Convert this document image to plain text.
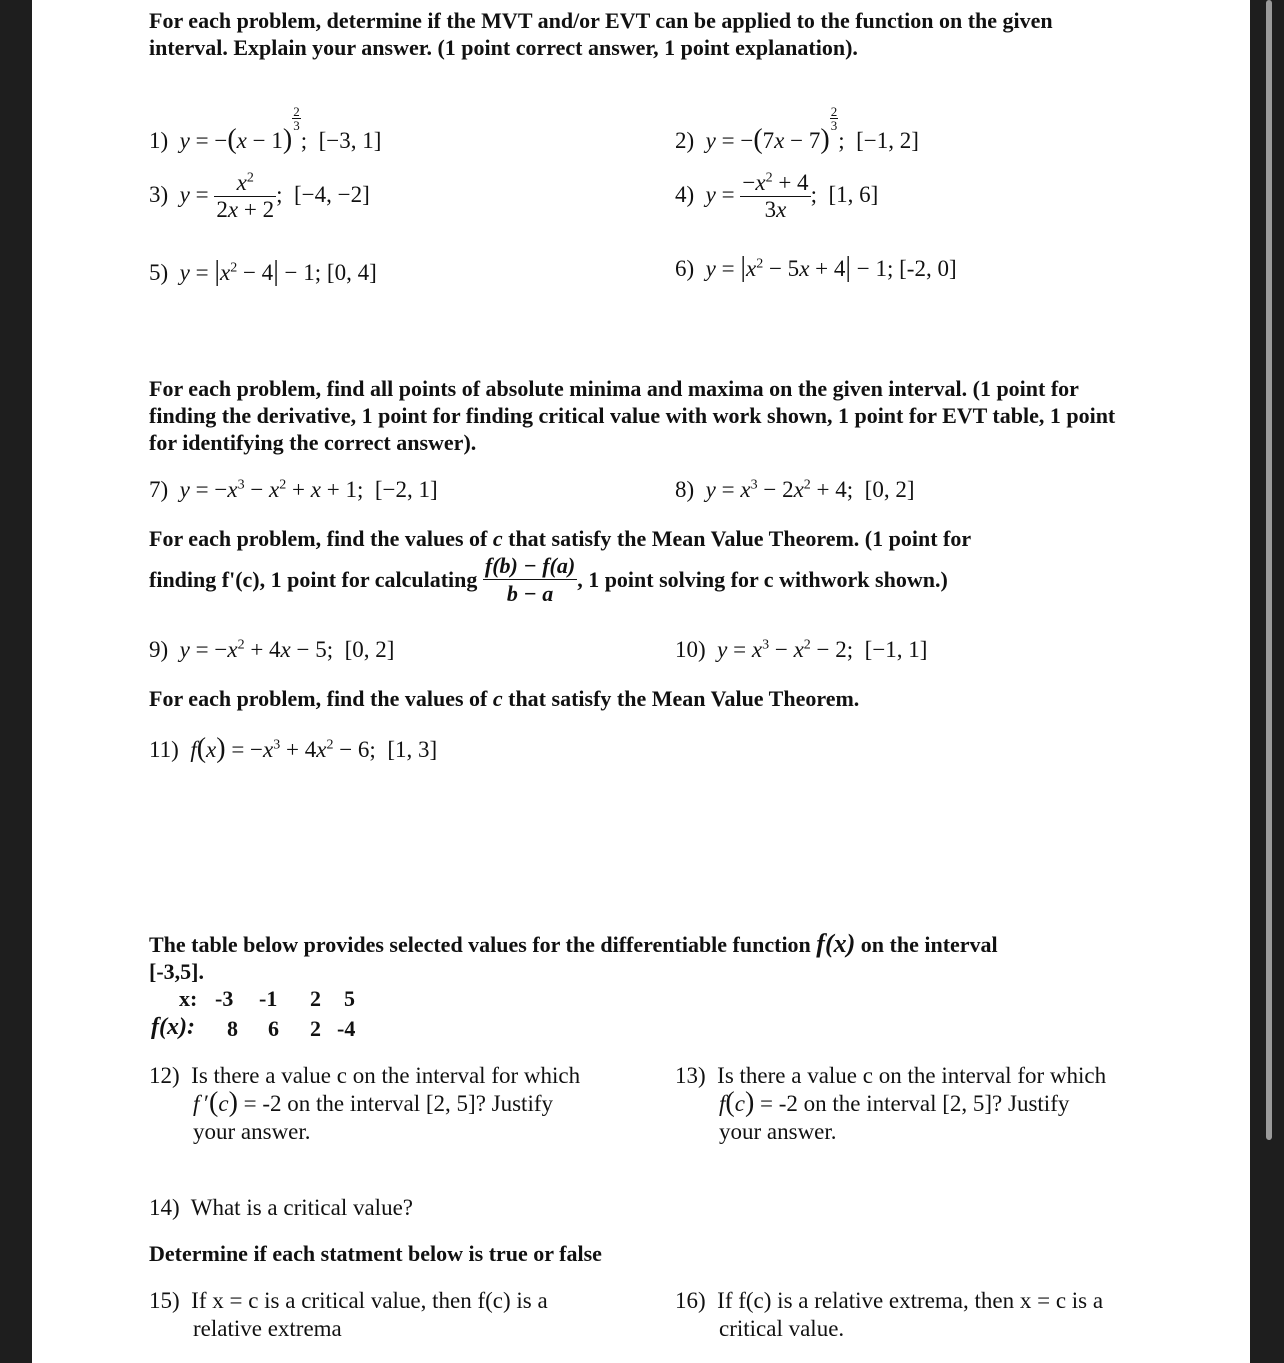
For each problem, determine if the MVT and/or EVT can be applied to the function on the given interval. Explain your answer. (1 point correct answer, 1 point explanation).
1) y = −(x − 1)
$\frac{2}{3}$
;  [−3, 1]	2) y = −(7x − 7)
$\frac{2}{3}$
;  [−1, 2]
3) $y = \frac{x^2}{2x + 2}$ ;  [−4, −2]	4) $y = \frac{-x^2 + 4}{3x}$ ;  [1, 6]
5) $y = |x^2 - 4| - 1$; [0, 4]	6) $y = |x^2 - 5x + 4| - 1$; [-2, 0]
For each problem, find all points of absolute minima and maxima on the given interval. (1 point for finding the derivative, 1 point for finding critical value with work shown, 1 point for EVT table, 1 point for identifying the correct answer).
7) $y = -x^3 - x^2 + x + 1$;  [−2, 1]	8) $y = x^3 - 2x^2 + 4$;  [0, 2]
For each problem, find the values of c that satisfy the Mean Value Theorem. (1 point for
finding f'(c), 1 point for calculating $\frac{f(b) - f(a)}{b - a}$ , 1 point solving for c withwork shown.)
9) $y = -x^2 + 4x - 5$;  [0, 2]	10) $y = x^3 - x^2 - 2$;  [−1, 1]
For each problem, find the values of c that satisfy the Mean Value Theorem.
11) $f(x) = -x^3 + 4x^2 - 6$;  [1, 3]
The table below provides selected values for the differentiable function f(x) on the interval
[-3,5].
x: -3 -1 2 5
f(x): 8 6 2 -4
12) Is there a value c on the interval for which
f ′(c) = -2 on the interval [2, 5]? Justify
your answer.
13) Is there a value c on the interval for which
f(c) = -2 on the interval [2, 5]? Justify
your answer.
14) What is a critical value?
Determine if each statment below is true or false
15) If x = c is a critical value, then f(c) is a
relative extrema
16) If f(c) is a relative extrema, then x = c is a
critical value.
